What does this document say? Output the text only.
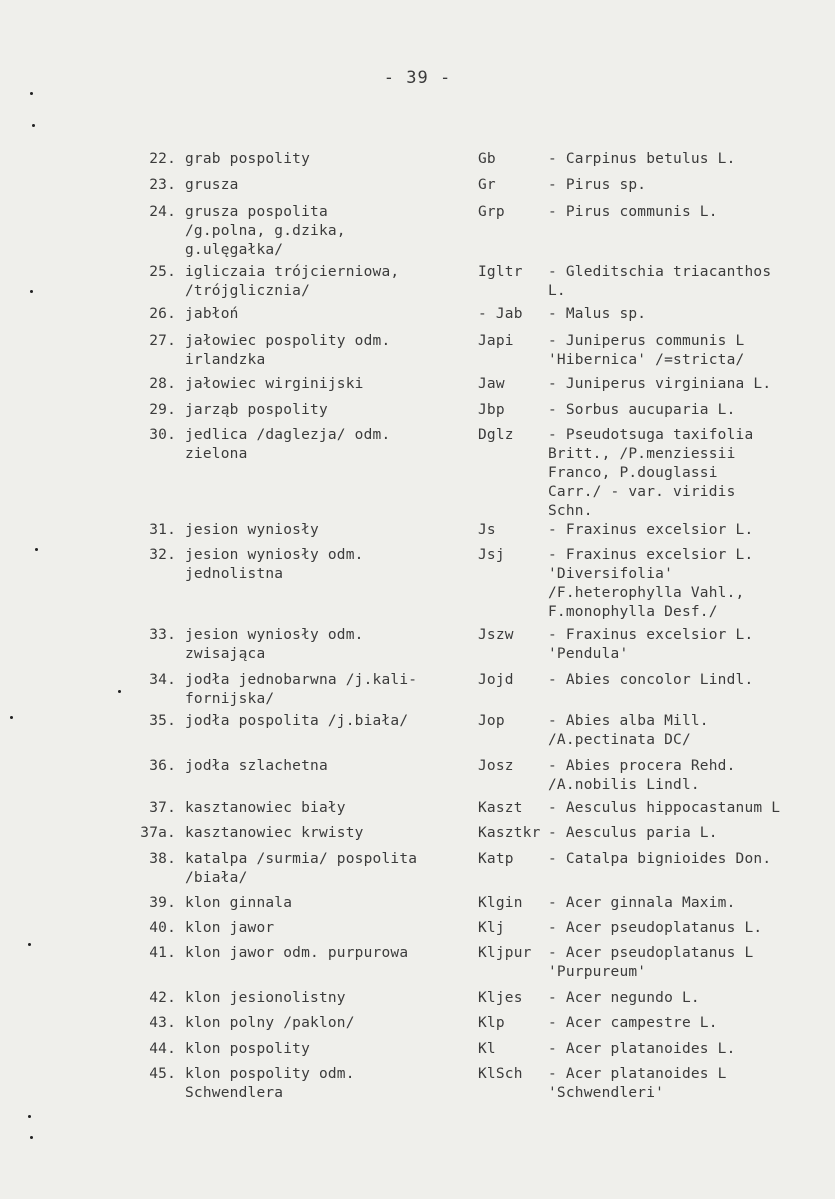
- 39 -
22. grab pospolity	Gb	- Carpinus betulus L.
23. grusza	Gr	- Pirus sp.
24. grusza pospolita
/g.polna, g.dzika,
g.ulęgałka/
Grp	- Pirus communis L.
25. igliczaia trójcierniowa,
/trójglicznia/
Igltr	- Gleditschia triacanthos
L.
26. jabłoń	- Jab	- Malus sp.
27. jałowiec pospolity odm.
irlandzka
Japi	- Juniperus communis L
'Hibernica' /=stricta/
28. jałowiec wirginijski	Jaw	- Juniperus virginiana L.
29. jarząb pospolity	Jbp	- Sorbus aucuparia L.
30. jedlica /daglezja/ odm.
zielona
Dglz	- Pseudotsuga taxifolia
Britt., /P.menziessii
Franco, P.douglassi
Carr./ - var. viridis
Schn.
31. jesion wyniosły	Js	- Fraxinus excelsior L.
32. jesion wyniosły odm.
jednolistna
Jsj	- Fraxinus excelsior L.
'Diversifolia'
/F.heterophylla Vahl.,
F.monophylla Desf./
33. jesion wyniosły odm.
zwisająca
Jszw	- Fraxinus excelsior L.
'Pendula'
34. jodła jednobarwna /j.kali-
fornijska/
Jojd	- Abies concolor Lindl.
35. jodła pospolita /j.biała/	Jop	- Abies alba Mill.
/A.pectinata DC/
36. jodła szlachetna	Josz	- Abies procera Rehd.
/A.nobilis Lindl.
37. kasztanowiec biały	Kaszt	- Aesculus hippocastanum L
37a. kasztanowiec krwisty	Kasztkr - Aesculus paria L.
38. katalpa /surmia/ pospolita
/biała/
Katp	- Catalpa bignioides Don.
39. klon ginnala	Klgin	- Acer ginnala Maxim.
40. klon jawor	Klj	- Acer pseudoplatanus L.
41. klon jawor odm. purpurowa	Kljpur	- Acer pseudoplatanus L
'Purpureum'
42. klon jesionolistny	Kljes	- Acer negundo L.
43. klon polny /paklon/	Klp	- Acer campestre L.
44. klon pospolity	Kl	- Acer platanoides L.
45. klon pospolity odm.
Schwendlera
KlSch	- Acer platanoides L
'Schwendleri'
